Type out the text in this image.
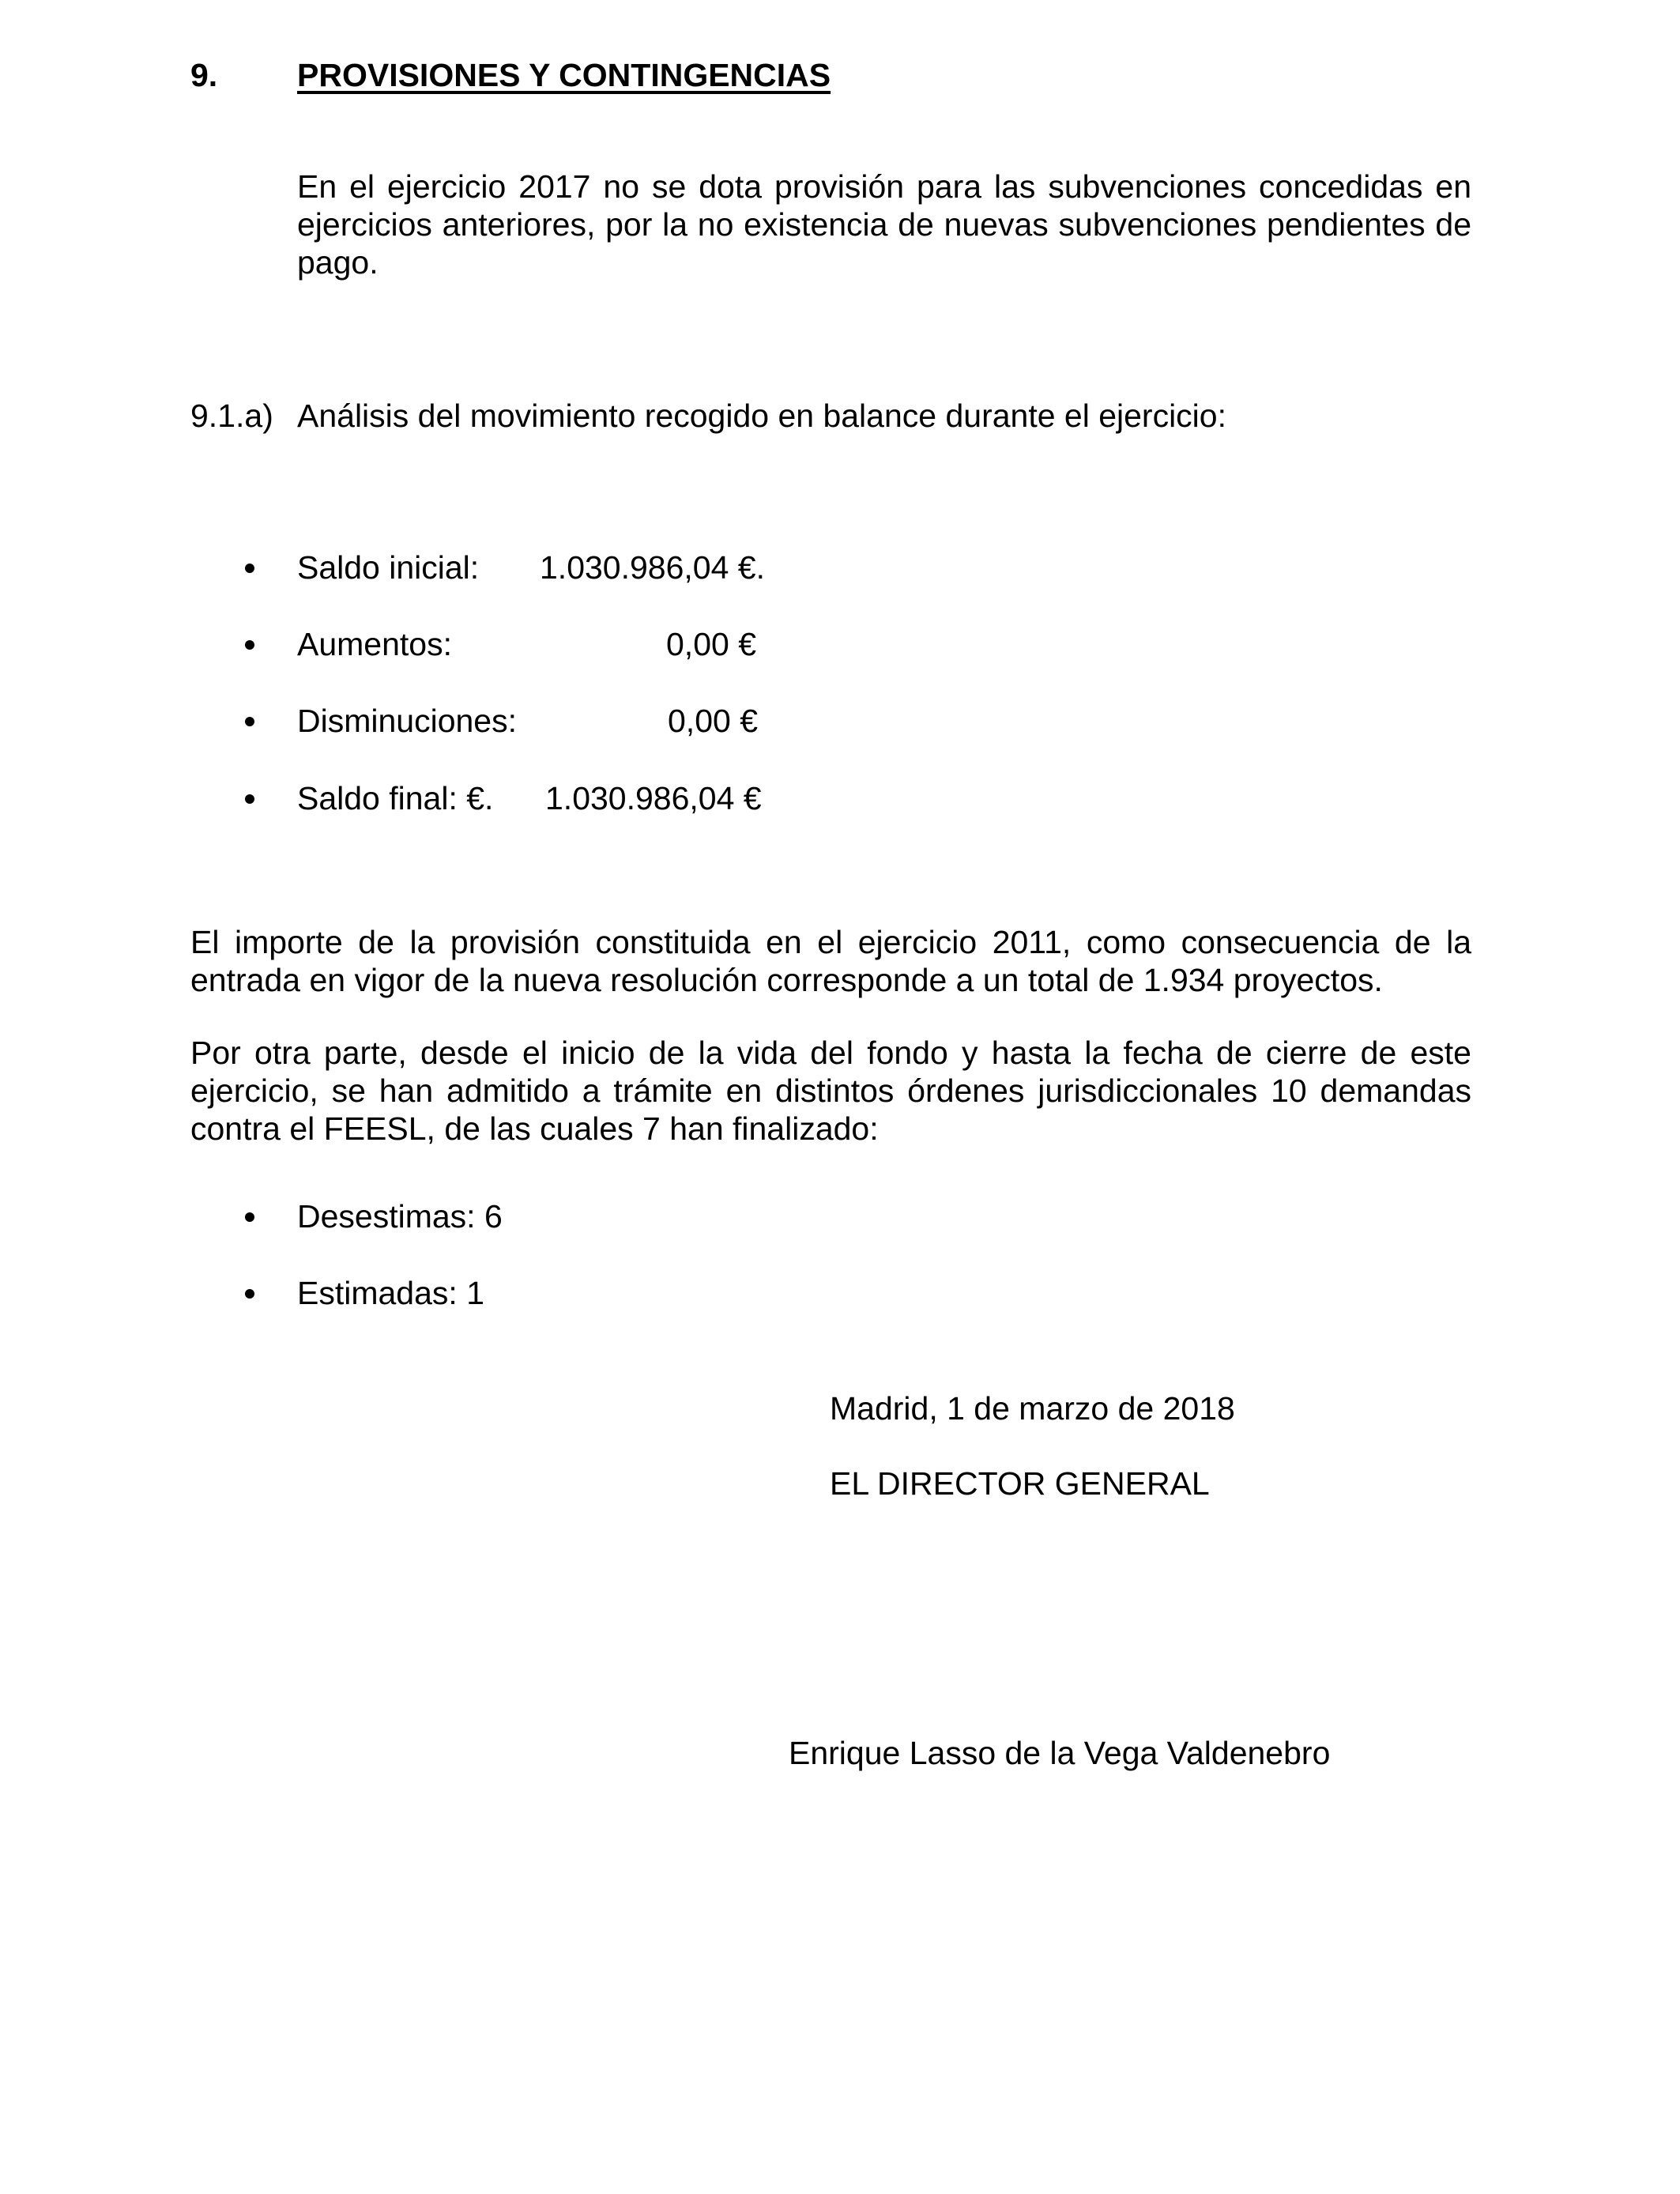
9. PROVISIONES Y CONTINGENCIAS
En el ejercicio 2017 no se dota provisión para las subvenciones concedidas en ejercicios anteriores, por la no existencia de nuevas subvenciones pendientes de pago.
9.1.a) Análisis del movimiento recogido en balance durante el ejercicio:
Saldo inicial: 1.030.986,04 €.
Aumentos:	0,00 €
Disminuciones:	0,00 €
Saldo final: €. 1.030.986,04 €
El importe de la provisión constituida en el ejercicio 2011, como consecuencia de la entrada en vigor de la nueva resolución corresponde a un total de 1.934 proyectos.
Por otra parte, desde el inicio de la vida del fondo y hasta la fecha de cierre de este ejercicio, se han admitido a trámite en distintos órdenes jurisdiccionales 10 demandas contra el FEESL, de las cuales 7 han finalizado:
Desestimas: 6
Estimadas: 1
Madrid, 1 de marzo de 2018
EL DIRECTOR GENERAL
Enrique Lasso de la Vega Valdenebro
